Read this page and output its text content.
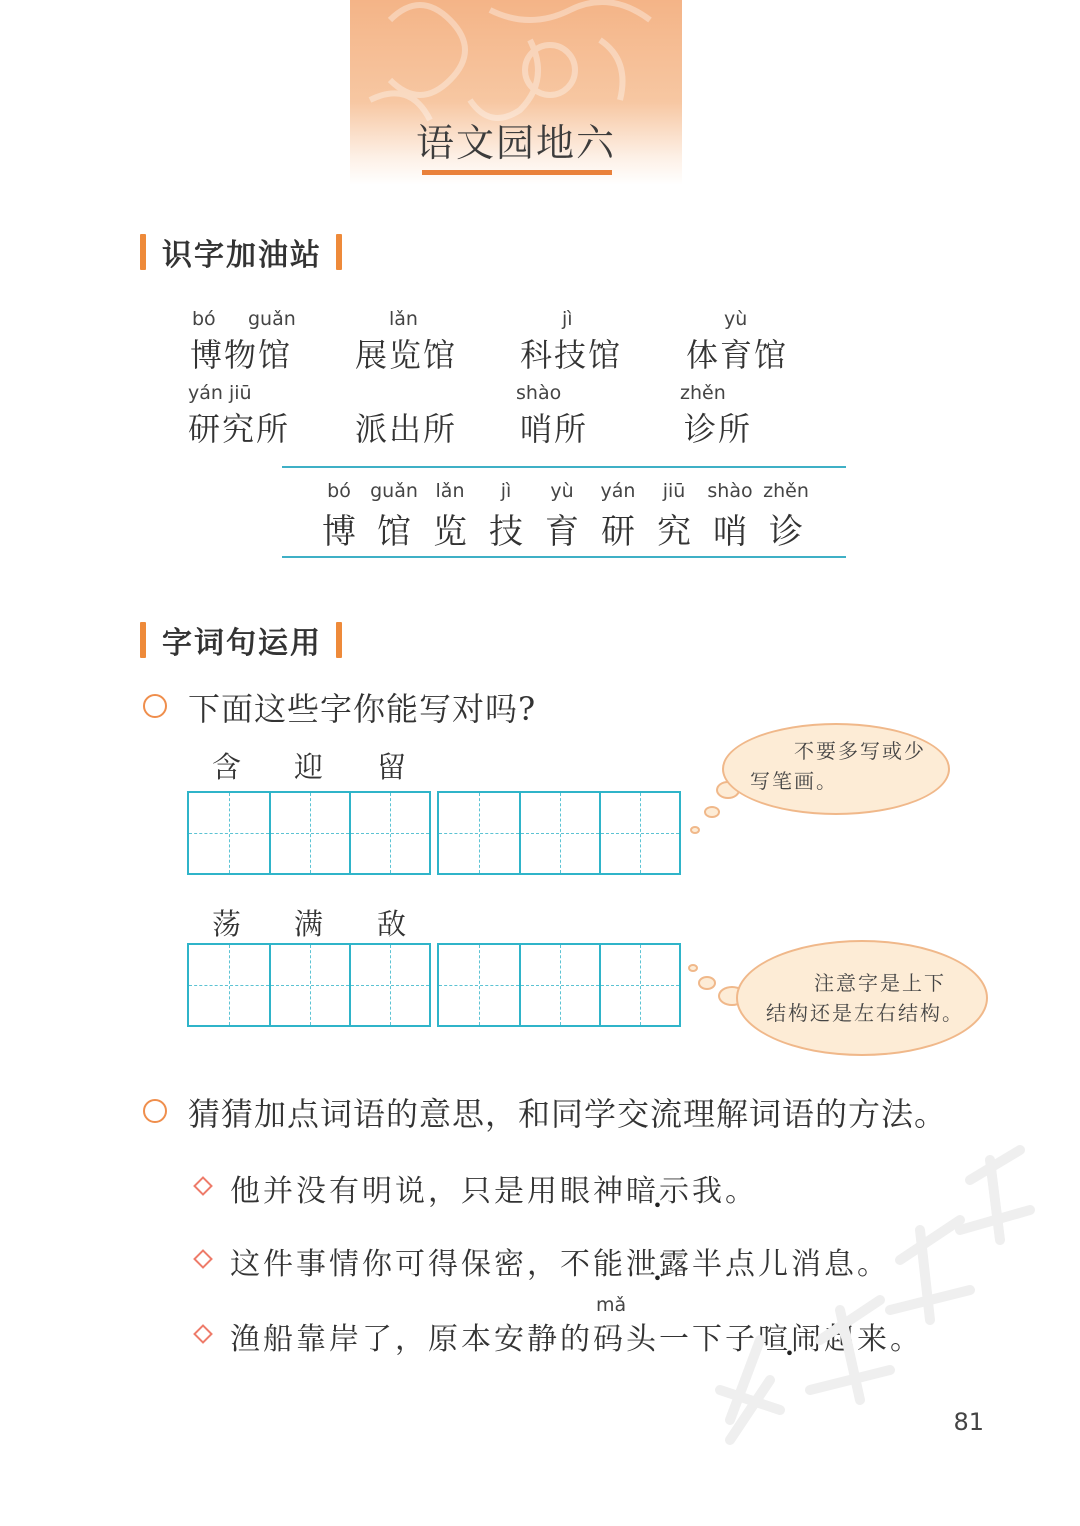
语文园地六
识字加油站
bó guǎn
博物馆
lǎn
展览馆
jì
科技馆
yù
体育馆
yán jiū
研究所 派出所
shào
哨所
zhěn
诊所
bó
博
guǎn
馆
lǎn
览
jì
技
yù
育
yán
研
jiū
究
shào
哨
zhěn
诊
字词句运用
下面这些字你能写对吗?
含 迎 留
荡 满 敌
不要多写或少写笔画。
注意字是上下结构还是左右结构。
猜猜加点词语的意思，和同学交流理解词语的方法。
他并没有明说，只是用眼神暗示我。
这件事情你可得保密，不能泄露半点儿消息。
mǎ
渔船靠岸了，原本安静的码头一下子喧闹起来。
81
